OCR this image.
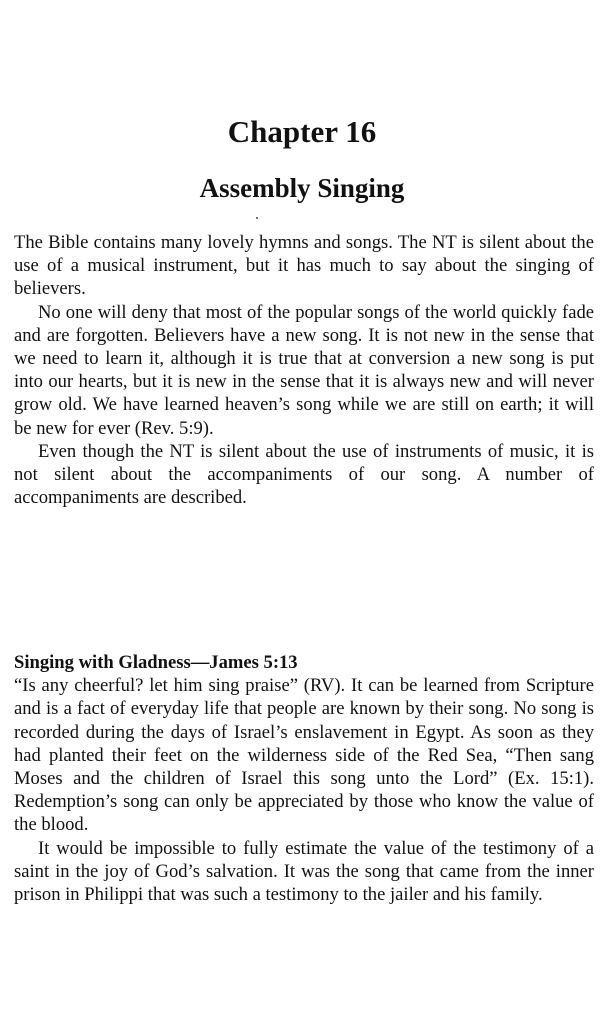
Chapter 16
Assembly Singing

The Bible contains many lovely hymns and songs. The NT is silent about the use of a musical instrument, but it has much to say about the singing of believers.

No one will deny that most of the popular songs of the world quickly fade and are forgotten. Believers have a new song. It is not new in the sense that we need to learn it, although it is true that at conversion a new song is put into our hearts, but it is new in the sense that it is always new and will never grow old. We have learned heaven’s song while we are still on earth; it will be new for ever (Rev. 5:9).

Even though the NT is silent about the use of instruments of music, it is not silent about the accompaniments of our song. A number of accompaniments are described.

Singing with Gladness—James 5:13

“Is any cheerful? let him sing praise” (RV). It can be learned from Scripture and is a fact of everyday life that people are known by their song. No song is recorded during the days of Israel’s enslavement in Egypt. As soon as they had planted their feet on the wilderness side of the Red Sea, “Then sang Moses and the children of Israel this song unto the Lord” (Ex. 15:1). Redemption’s song can only be appreciated by those who know the value of the blood.

It would be impossible to fully estimate the value of the testimony of a saint in the joy of God’s salvation. It was the song that came from the inner prison in Philippi that was such a testimony to the jailer and his family.
